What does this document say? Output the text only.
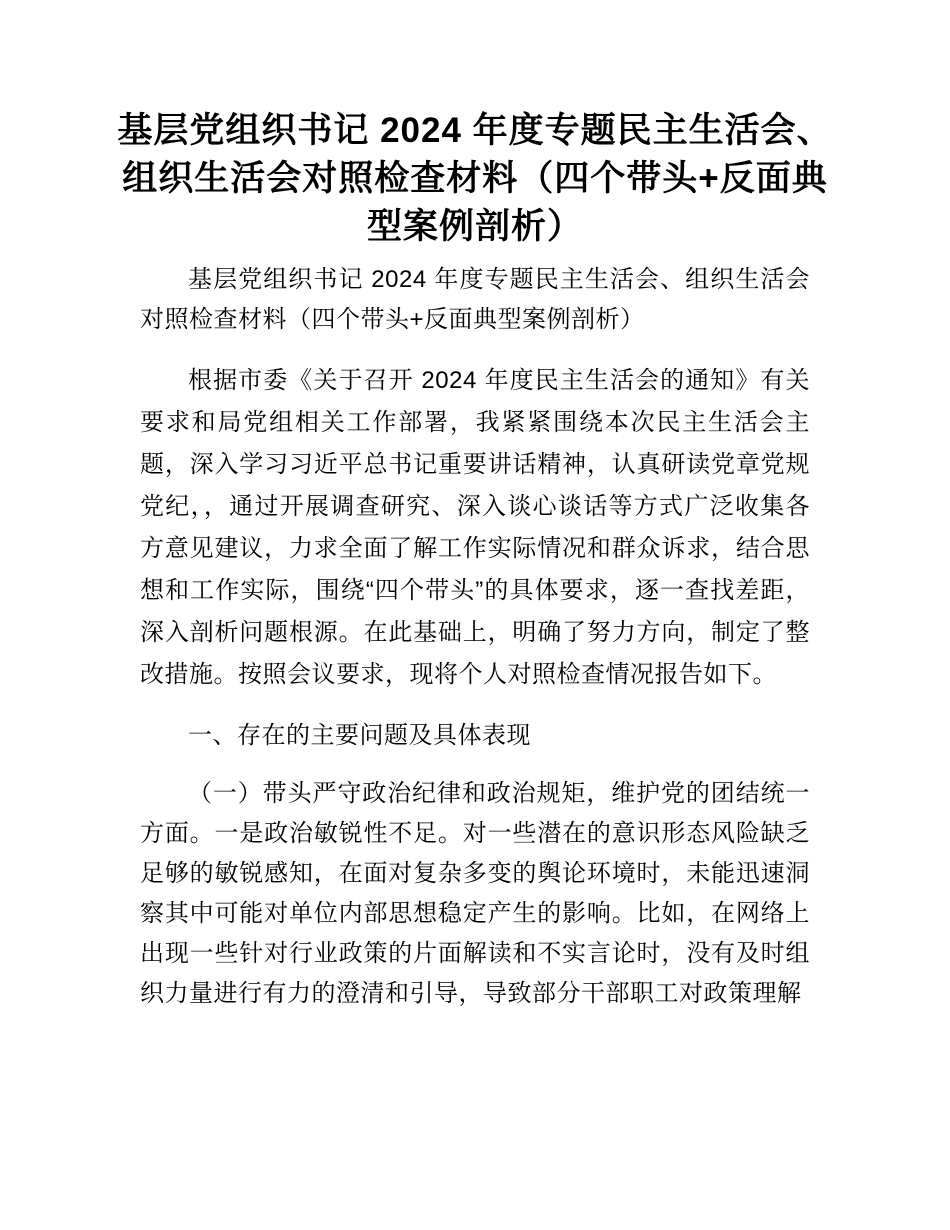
基层党组织书记 2024 年度专题民主生活会、
组织生活会对照检查材料（四个带头+反面典
型案例剖析）

基层党组织书记 2024 年度专题民主生活会、组织生活会对照检查材料（四个带头+反面典型案例剖析）

根据市委《关于召开 2024 年度民主生活会的通知》有关要求和局党组相关工作部署，我紧紧围绕本次民主生活会主题，深入学习习近平总书记重要讲话精神，认真研读党章党规党纪，，通过开展调查研究、深入谈心谈话等方式广泛收集各方意见建议，力求全面了解工作实际情况和群众诉求，结合思想和工作实际，围绕“四个带头”的具体要求，逐一查找差距，深入剖析问题根源。在此基础上，明确了努力方向，制定了整改措施。按照会议要求，现将个人对照检查情况报告如下。

一、存在的主要问题及具体表现

（一）带头严守政治纪律和政治规矩，维护党的团结统一方面。一是政治敏锐性不足。对一些潜在的意识形态风险缺乏足够的敏锐感知，在面对复杂多变的舆论环境时，未能迅速洞察其中可能对单位内部思想稳定产生的影响。比如，在网络上出现一些针对行业政策的片面解读和不实言论时，没有及时组织力量进行有力的澄清和引导，导致部分干部职工对政策理解
